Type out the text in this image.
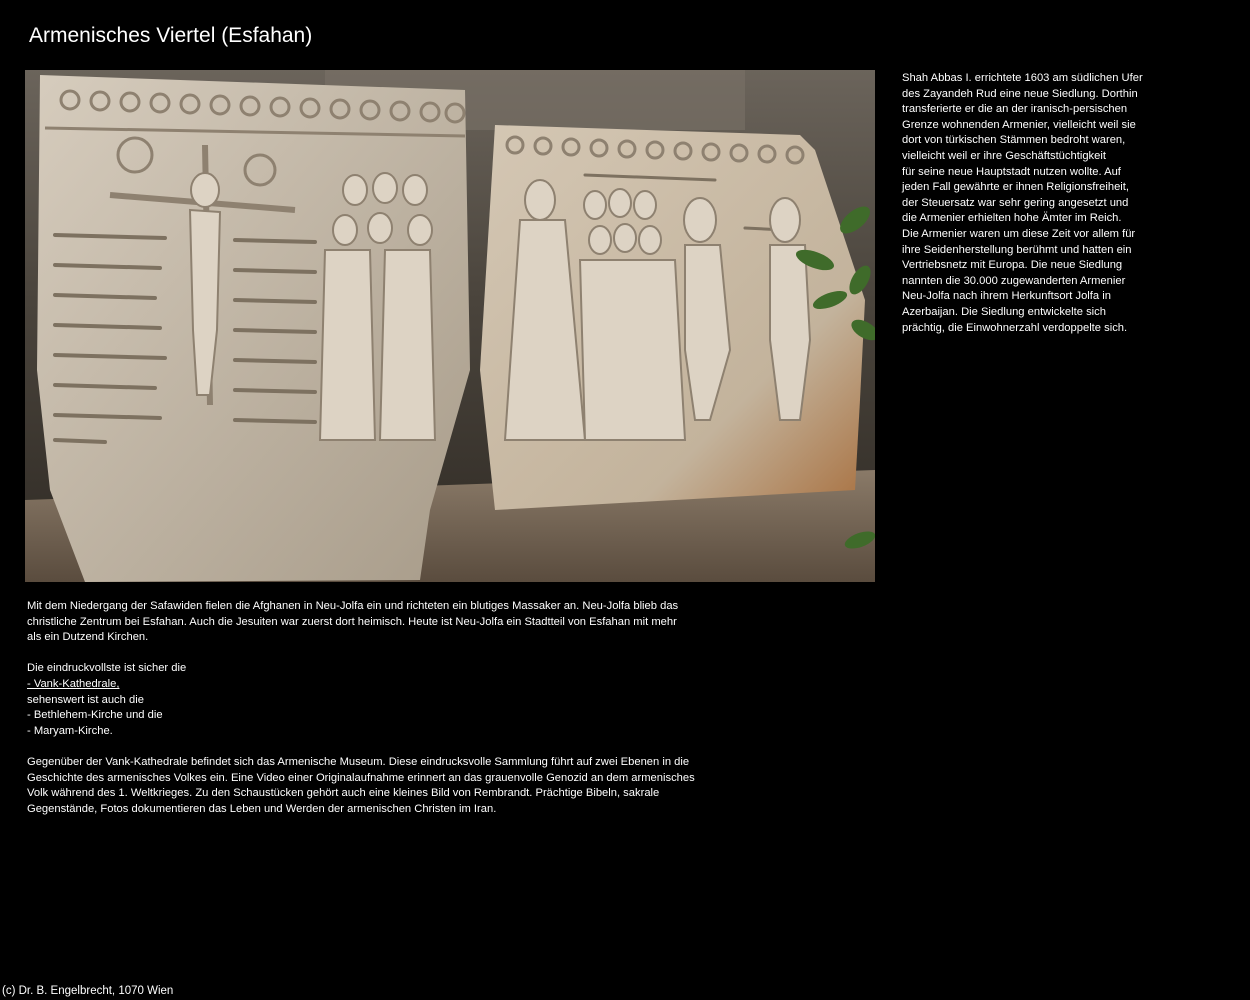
Armenisches Viertel (Esfahan)
Shah Abbas I. errichtete 1603 am südlichen Ufer
des Zayandeh Rud eine neue Siedlung. Dorthin
transferierte er die an der iranisch-persischen
Grenze wohnenden Armenier, vielleicht weil sie
dort von türkischen Stämmen bedroht waren,
vielleicht weil er ihre Geschäftstüchtigkeit
für seine neue Hauptstadt nutzen wollte. Auf
jeden Fall gewährte er ihnen Religionsfreiheit,
der Steuersatz war sehr gering angesetzt und
die Armenier erhielten hohe Ämter im Reich.
Die Armenier waren um diese Zeit vor allem für
ihre Seidenherstellung berühmt und hatten ein
Vertriebsnetz mit Europa. Die neue Siedlung
nannten die 30.000 zugewanderten Armenier
Neu-Jolfa nach ihrem Herkunftsort Jolfa in
Azerbaijan. Die Siedlung entwickelte sich
prächtig, die Einwohnerzahl verdoppelte sich.
Mit dem Niedergang der Safawiden fielen die Afghanen in Neu-Jolfa ein und richteten ein blutiges Massaker an. Neu-Jolfa blieb das
christliche Zentrum bei Esfahan. Auch die Jesuiten war zuerst dort heimisch. Heute ist Neu-Jolfa ein Stadtteil von Esfahan mit mehr
als ein Dutzend Kirchen.
Die eindruckvollste ist sicher die
- Vank-Kathedrale,
sehenswert ist auch die
- Bethlehem-Kirche und die
- Maryam-Kirche.
Gegenüber der Vank-Kathedrale befindet sich das Armenische Museum. Diese eindrucksvolle Sammlung führt auf zwei Ebenen in die
Geschichte des armenisches Volkes ein. Eine Video einer Originalaufnahme erinnert an das grauenvolle Genozid an dem armenisches
Volk während des 1. Weltkrieges. Zu den Schaustücken gehört auch eine kleines Bild von Rembrandt. Prächtige Bibeln, sakrale
Gegenstände, Fotos dokumentieren das Leben und Werden der armenischen Christen im Iran.
(c) Dr. B. Engelbrecht, 1070 Wien
